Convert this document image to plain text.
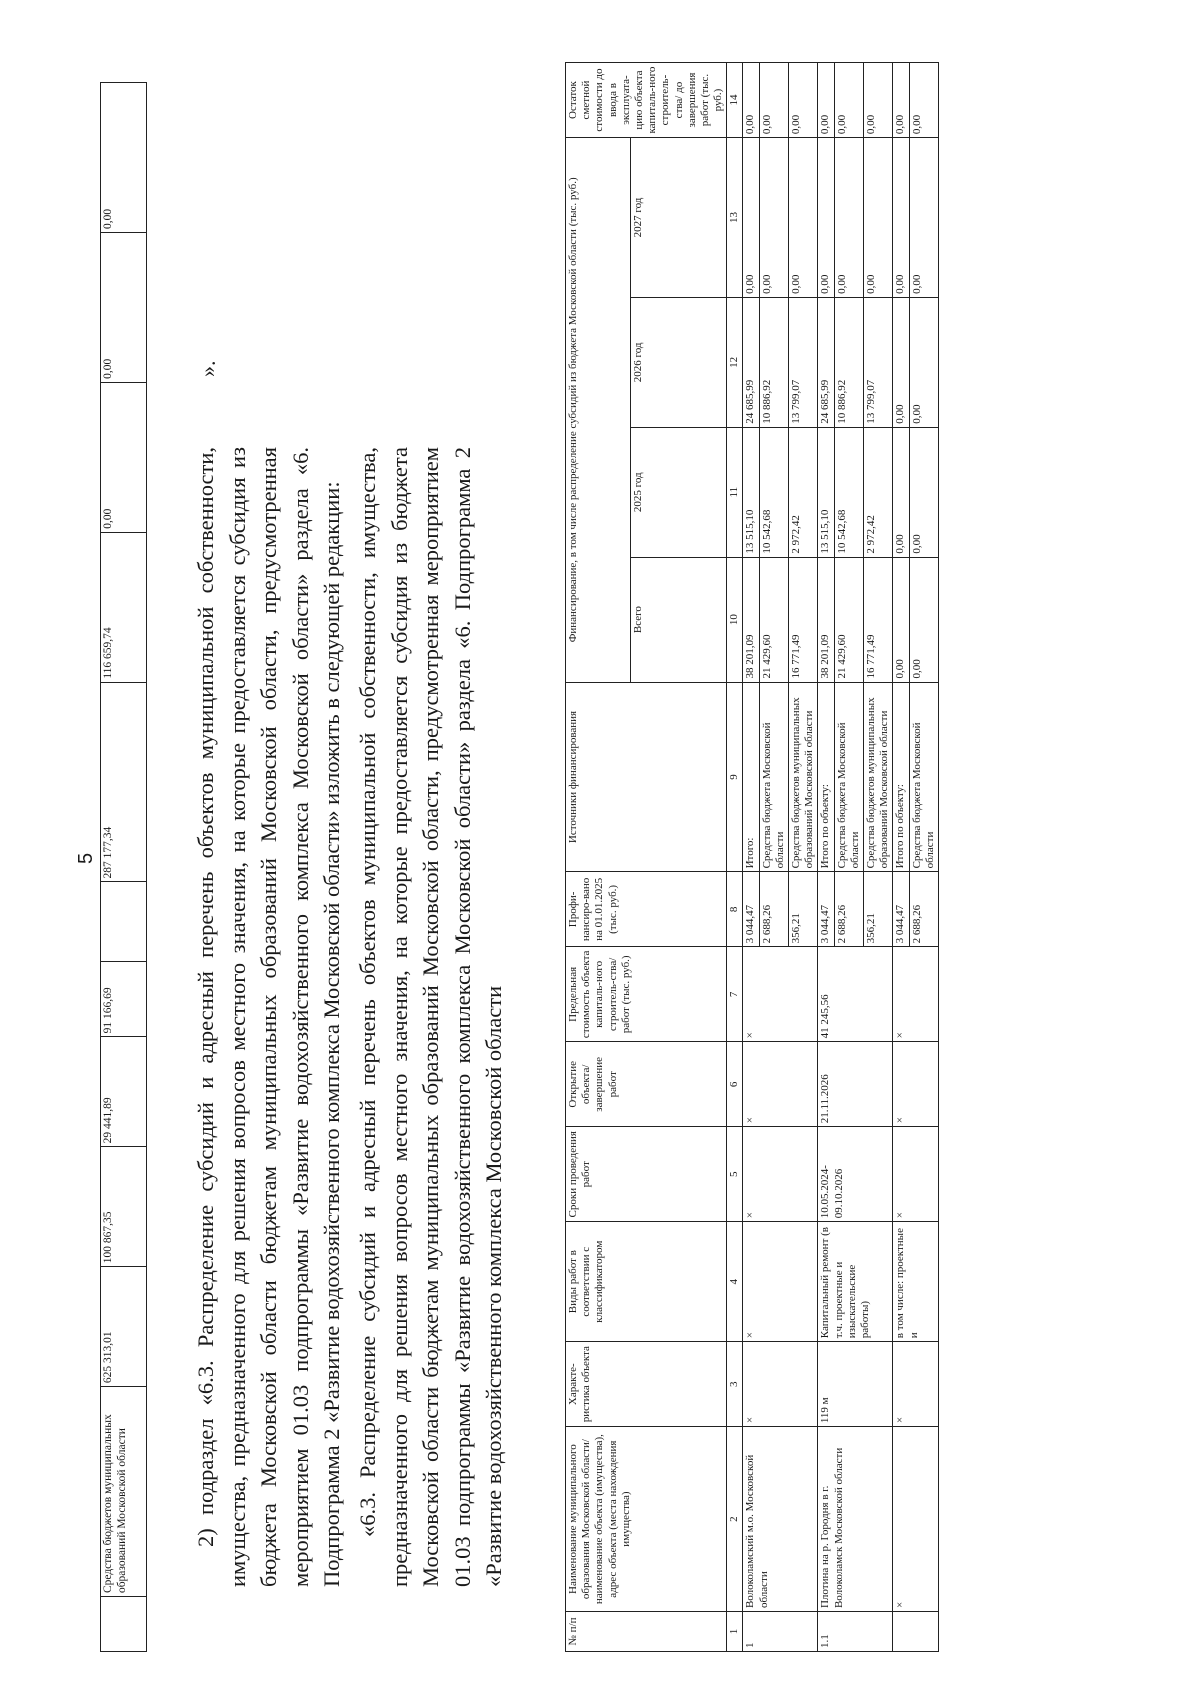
5
	Средства бюджетов муниципальных образований Московской области	625 313,01	100 867,35	29 441,89	91 166,69		287 177,34	116 659,74	0,00	0,00	0,00
».

2) подраздел «6.3. Распределение субсидий и адресный перечень объектов муниципальной собственности, имущества, предназначенного для решения вопросов местного значения, на которые предоставляется субсидия из бюджета Московской области бюджетам муниципальных образований Московской области, предусмотренная мероприятием 01.03 подпрограммы «Развитие водохозяйственного комплекса Московской области» раздела «6. Подпрограмма 2 «Развитие водохозяйственного комплекса Московской области» изложить в следующей редакции: «6.3. Распределение субсидий и адресный перечень объектов муниципальной собственности, имущества, предназначенного для решения вопросов местного значения, на которые предоставляется субсидия из бюджета Московской области бюджетам муниципальных образований Московской области, предусмотренная мероприятием 01.03 подпрограммы «Развитие водохозяйственного комплекса Московской области» раздела «6. Подпрограмма 2 «Развитие водохозяйственного комплекса Московской области

№ п/п	Наименование муниципального образования Московской области/ наименование объекта (имущества), адрес объекта (места нахождения имущества)	Характе-ристика объекта	Виды работ в соответствии с классификатором	Сроки проведения работ	Открытие объекта/ завершение работ	Предельная стоимость объекта капиталь-ного строитель-ства/работ (тыс. руб.)	Профи-нансиро-вано на 01.01.2025 (тыс. руб.)	Источники финансирования	Финансирование, в том числе распределение субсидий из бюджета Московской области (тыс. руб.)				Остаток сметной стоимости до ввода в эксплуата-цию объекта капиталь-ного строитель-ства/ до завершения работ (тыс. руб.)
									Всего	2025 год	2026 год	2027 год	
1	2	3	4	5	6	7	8	9	10	11	12	13	14
1	Волоколамский м.о. Московской области	×	×	×	×	×	3 044,47	Итого:	38 201,09	13 515,10	24 685,99	0,00	0,00
							2 688,26	Средства бюджета Московской области	21 429,60	10 542,68	10 886,92	0,00	0,00
							356,21	Средства бюджетов муниципальных образований Московской области	16 771,49	2 972,42	13 799,07	0,00	0,00
1.1	Плотина на р. Городня в г. Волоколамск Московской области	119 м	Капитальный ремонт (в т.ч. проектные и изыскательские работы)	10.05.2024-09.10.2026	21.11.2026	41 245,56	3 044,47	Итого по объекту:	38 201,09	13 515,10	24 685,99	0,00	0,00
							2 688,26	Средства бюджета Московской области	21 429,60	10 542,68	10 886,92	0,00	0,00
							356,21	Средства бюджетов муниципальных образований Московской области	16 771,49	2 972,42	13 799,07	0,00	0,00
	×	×	в том числе: проектные и	×	×	×	3 044,47	Итого по объекту:	0,00	0,00	0,00	0,00	0,00
							2 688,26	Средства бюджета Московской области	0,00	0,00	0,00	0,00	0,00
